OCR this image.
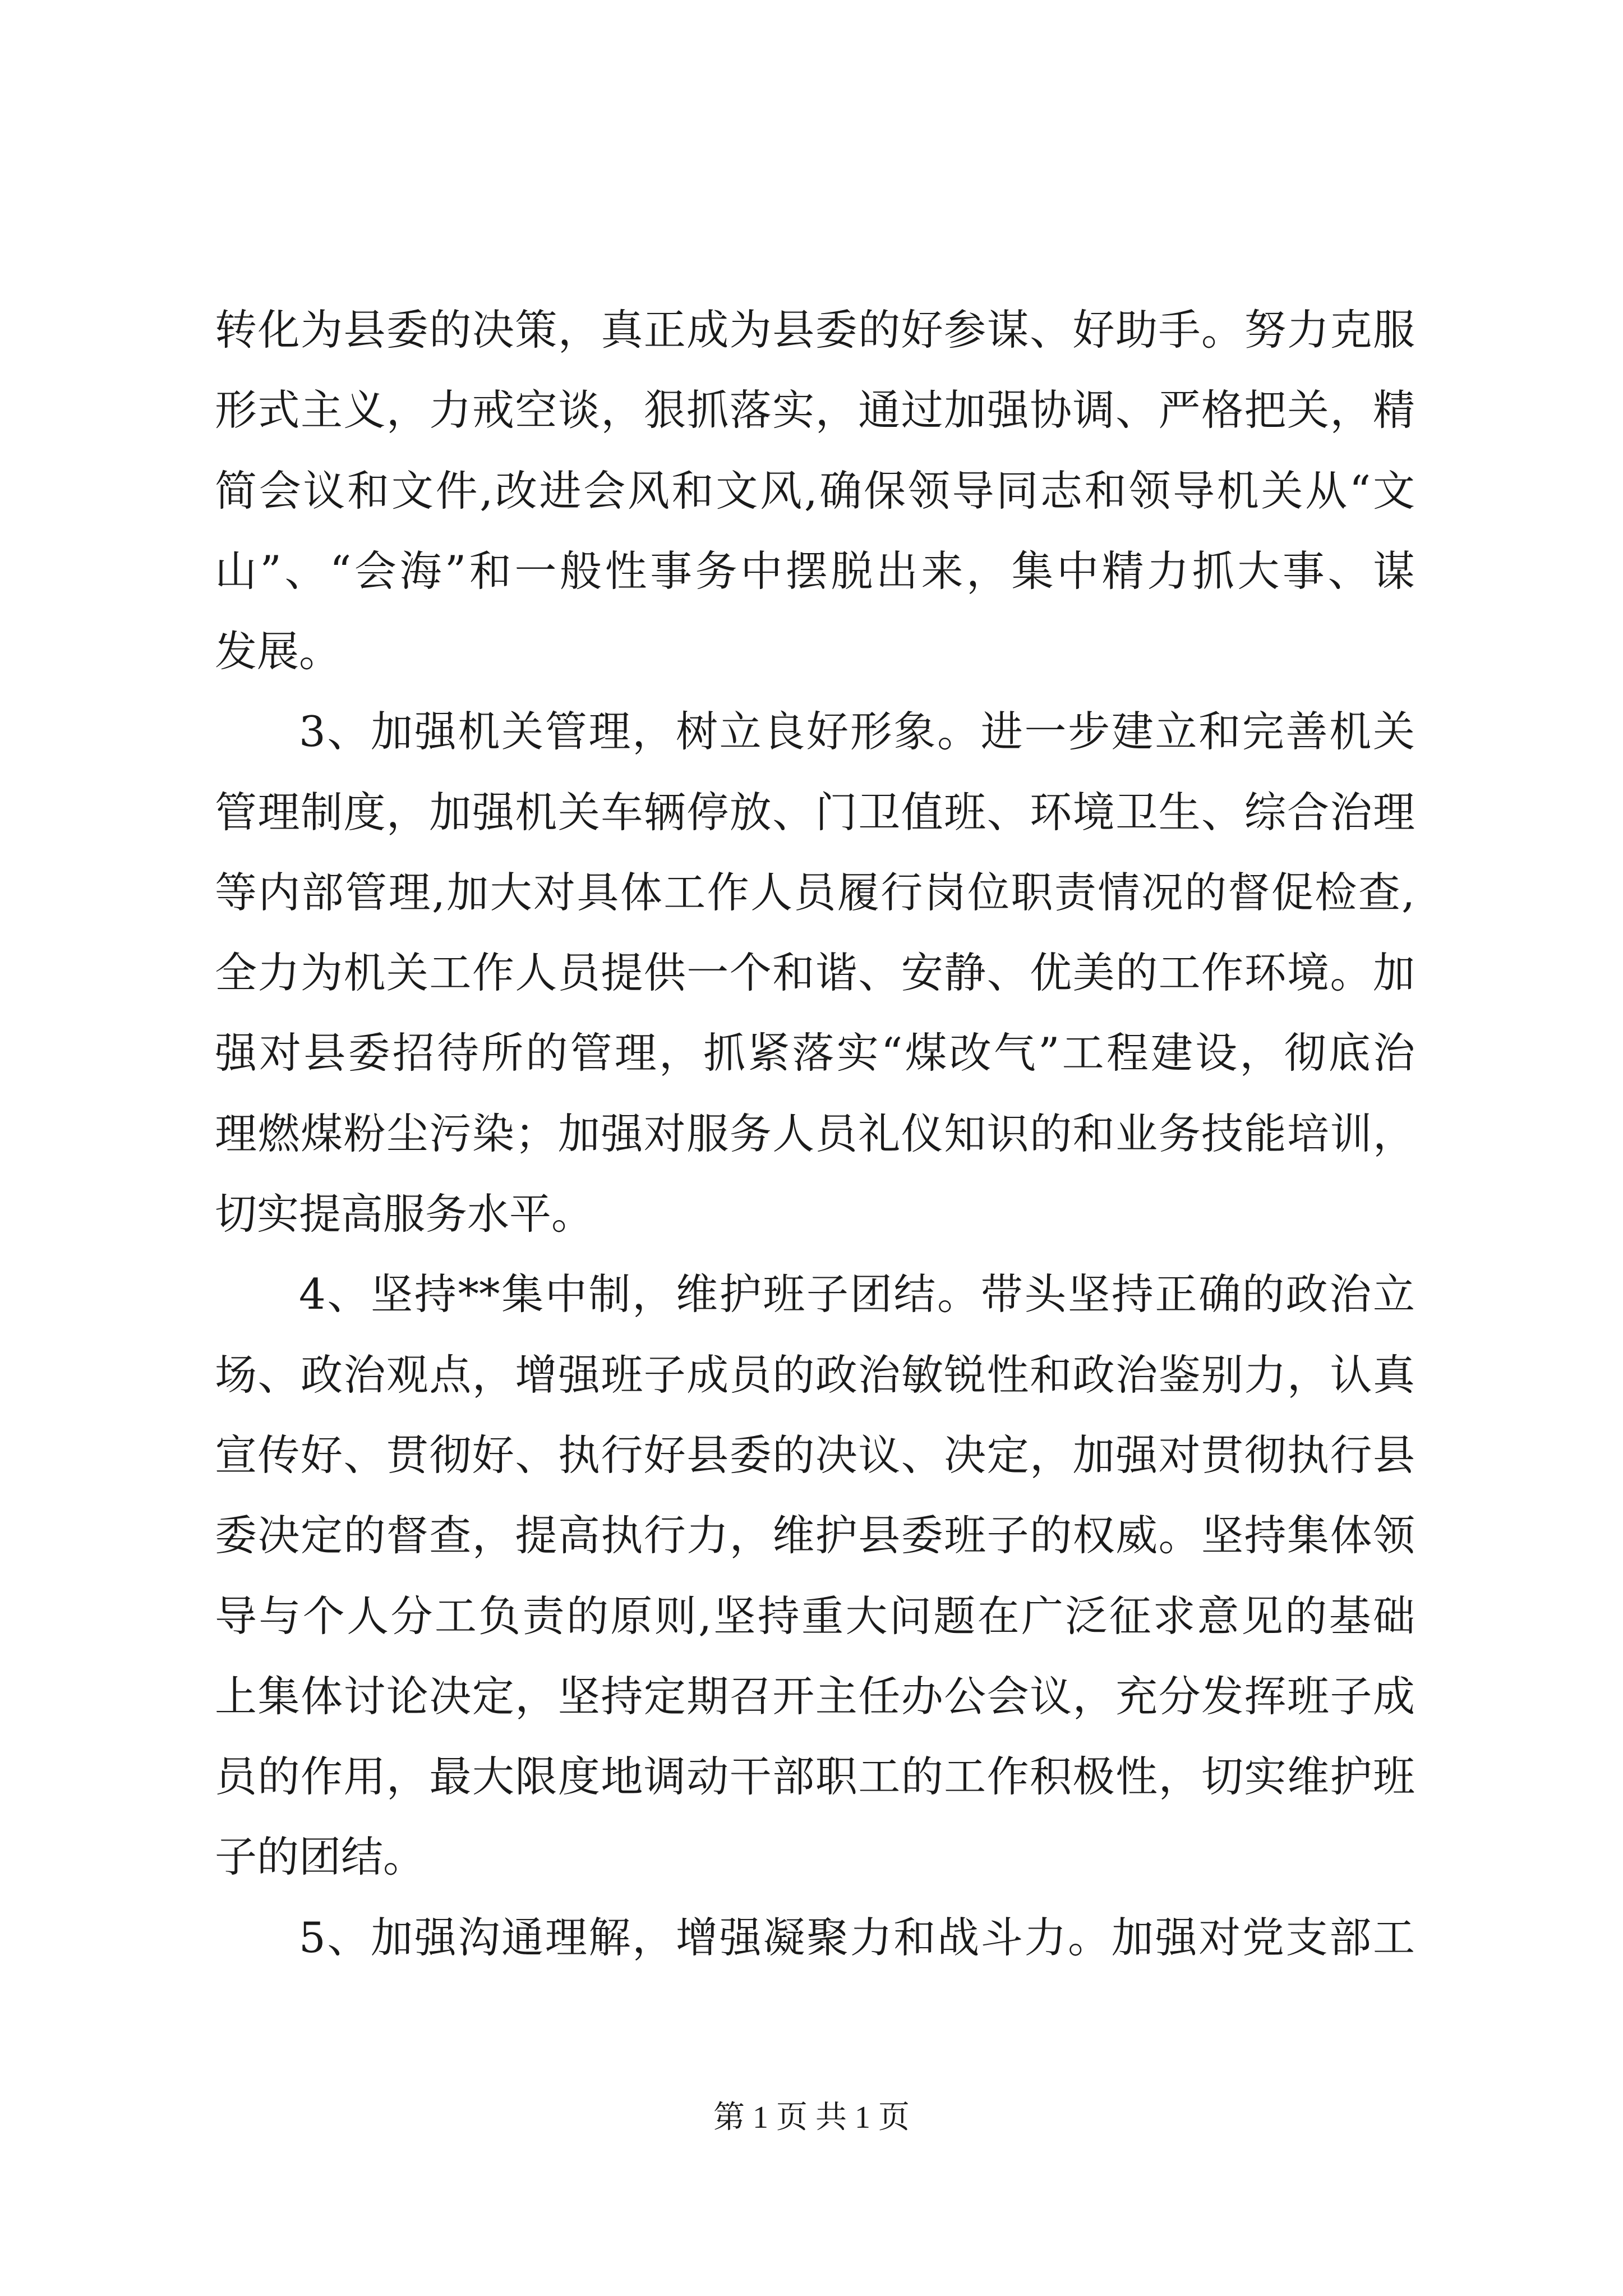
转化为县委的决策，真正成为县委的好参谋、好助手。努力克服
形式主义，力戒空谈，狠抓落实，通过加强协调、严格把关，精
简会议和文件,改进会风和文风,确保领导同志和领导机关从“文
山”、“会海”和一般性事务中摆脱出来，集中精力抓大事、谋
发展。
3、加强机关管理，树立良好形象。进一步建立和完善机关
管理制度，加强机关车辆停放、门卫值班、环境卫生、综合治理
等内部管理,加大对具体工作人员履行岗位职责情况的督促检查,
全力为机关工作人员提供一个和谐、安静、优美的工作环境。加
强对县委招待所的管理，抓紧落实“煤改气”工程建设，彻底治
理燃煤粉尘污染；加强对服务人员礼仪知识的和业务技能培训，
切实提高服务水平。
4、坚持**集中制，维护班子团结。带头坚持正确的政治立
场、政治观点，增强班子成员的政治敏锐性和政治鉴别力，认真
宣传好、贯彻好、执行好县委的决议、决定，加强对贯彻执行县
委决定的督查，提高执行力，维护县委班子的权威。坚持集体领
导与个人分工负责的原则,坚持重大问题在广泛征求意见的基础
上集体讨论决定，坚持定期召开主任办公会议，充分发挥班子成
员的作用，最大限度地调动干部职工的工作积极性，切实维护班
子的团结。
5、加强沟通理解，增强凝聚力和战斗力。加强对党支部工
第 1 页 共 1 页
